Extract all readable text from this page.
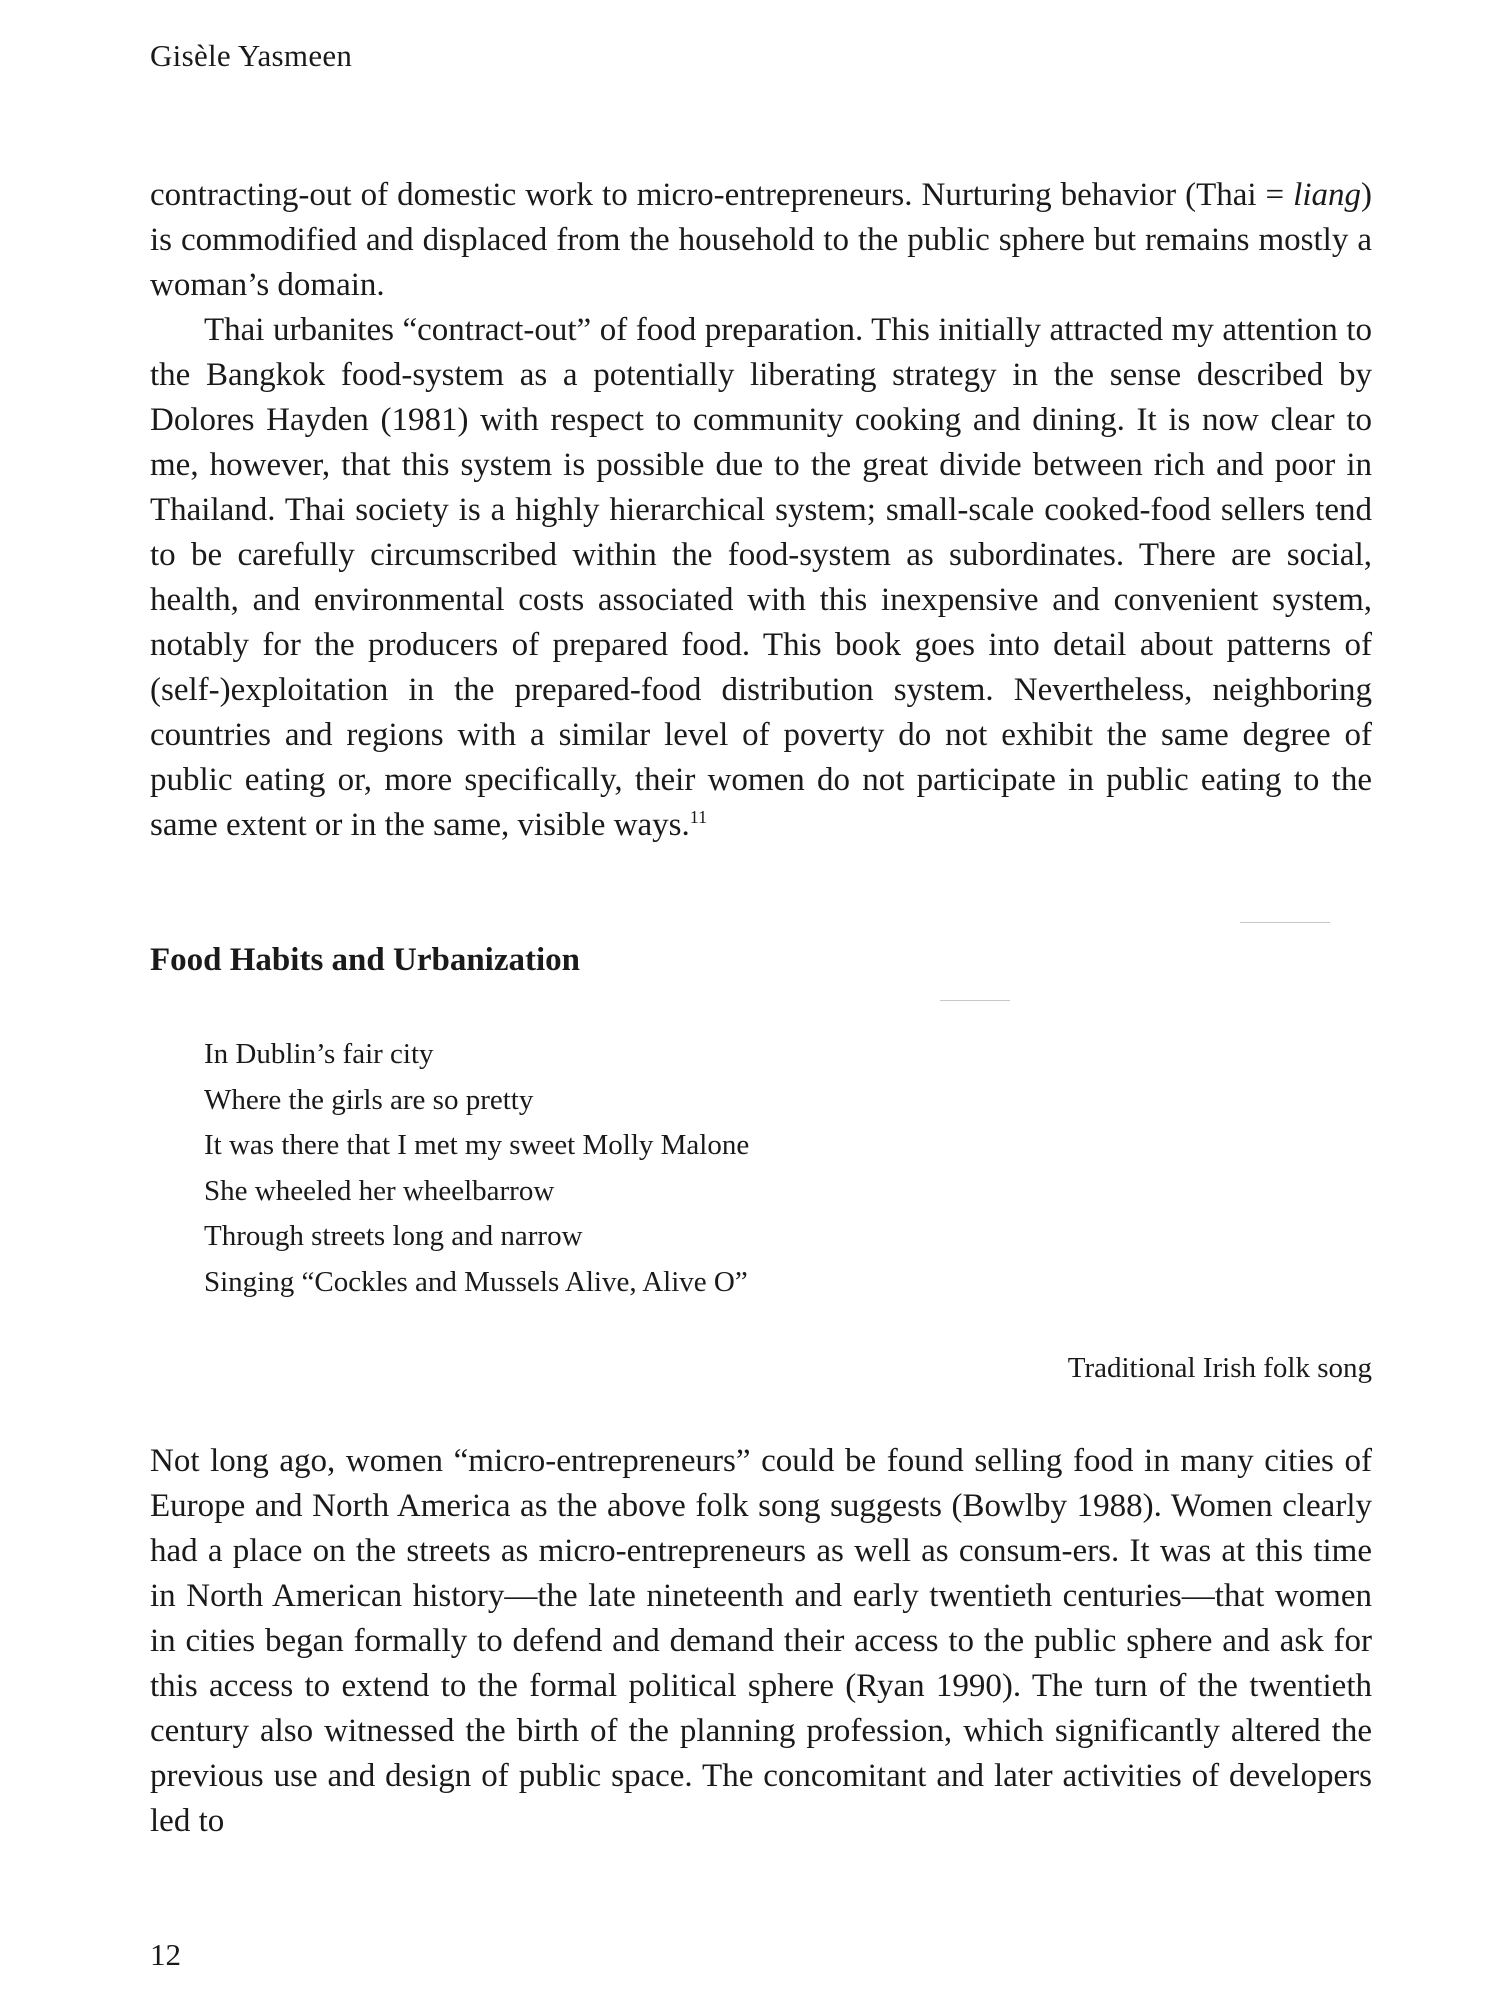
Gisèle Yasmeen

contracting-out of domestic work to micro-entrepreneurs. Nurturing behavior (Thai = liang) is commodified and displaced from the household to the public sphere but remains mostly a woman’s domain.

Thai urbanites “contract-out” of food preparation. This initially attracted my attention to the Bangkok food-system as a potentially liberating strategy in the sense described by Dolores Hayden (1981) with respect to community cooking and dining. It is now clear to me, however, that this system is possible due to the great divide between rich and poor in Thailand. Thai society is a highly hierarchical system; small-scale cooked-food sellers tend to be carefully circumscribed within the food-system as subordinates. There are social, health, and environmental costs associated with this inexpensive and convenient system, notably for the producers of prepared food. This book goes into detail about patterns of (self-)exploitation in the prepared-food distribution system. Nevertheless, neighboring countries and regions with a similar level of poverty do not exhibit the same degree of public eating or, more specifically, their women do not participate in public eating to the same extent or in the same, visible ways.$^{11}$

Food Habits and Urbanization
In Dublin’s fair city
Where the girls are so pretty
It was there that I met my sweet Molly Malone
She wheeled her wheelbarrow
Through streets long and narrow
Singing “Cockles and Mussels Alive, Alive O”
Traditional Irish folk song

Not long ago, women “micro-entrepreneurs” could be found selling food in many cities of Europe and North America as the above folk song suggests (Bowlby 1988). Women clearly had a place on the streets as micro-entrepreneurs as well as consum-ers. It was at this time in North American history—the late nineteenth and early twentieth centuries—that women in cities began formally to defend and demand their access to the public sphere and ask for this access to extend to the formal political sphere (Ryan 1990). The turn of the twentieth century also witnessed the birth of the planning profession, which significantly altered the previous use and design of public space. The concomitant and later activities of developers led to

12
